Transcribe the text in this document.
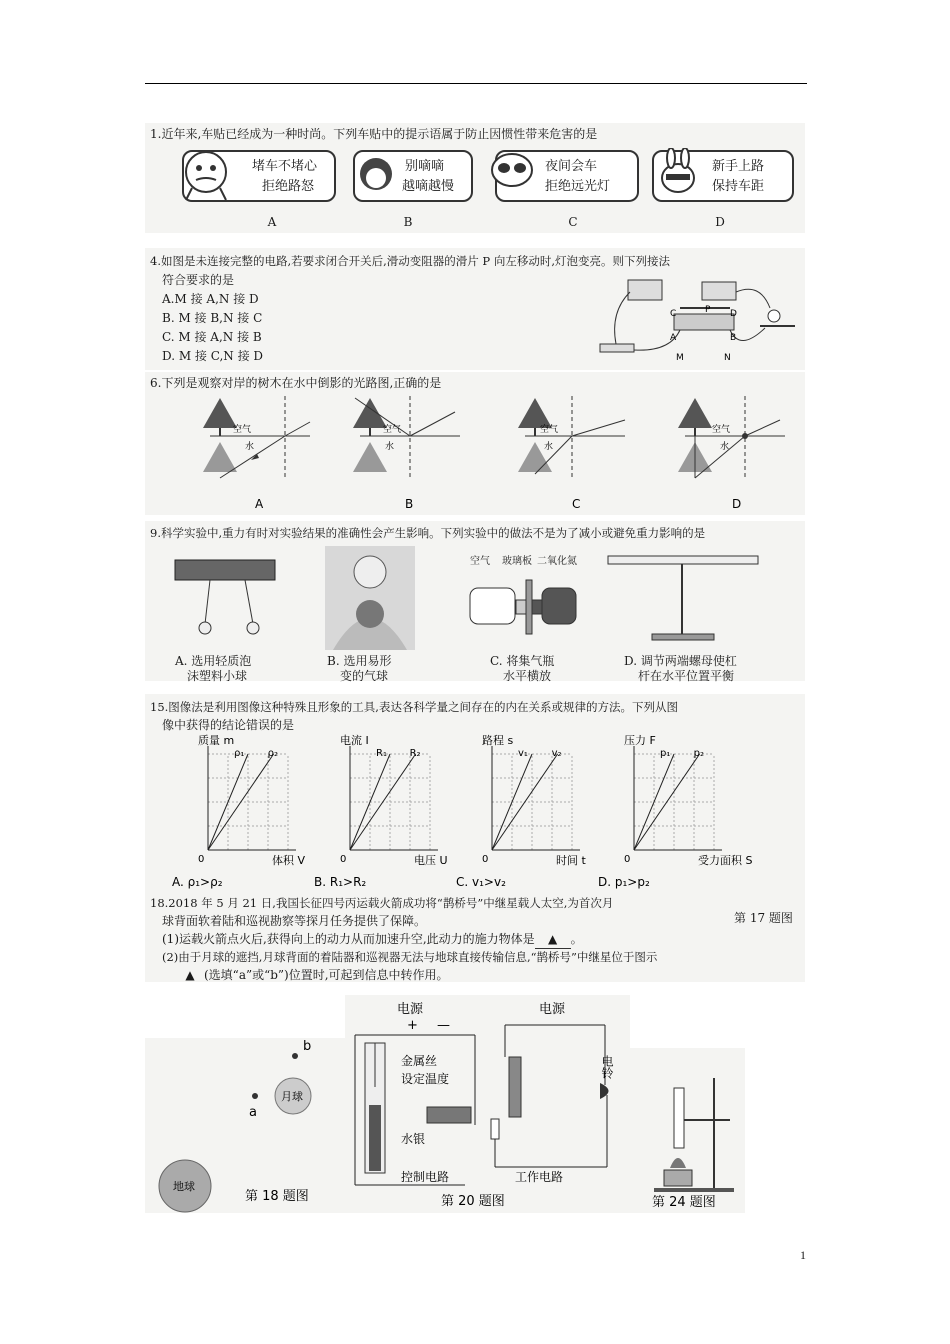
1.近年来,车贴已经成为一种时尚。下列车贴中的提示语属于防止因惯性带来危害的是
堵车不堵心
拒绝路怒
A
别嘀嘀
越嘀越慢
B
夜间会车
拒绝远光灯
C
新手上路
保持车距
D
4.如图是未连接完整的电路,若要求闭合开关后,滑动变阻器的滑片 P 向左移动时,灯泡变亮。则下列接法
符合要求的是
A.M 接 A,N 接 D
B. M 接 B,N 接 C
C. M 接 A,N 接 B
D. M 接 C,N 接 D
C	P D
A	B
M	N
6.下列是观察对岸的树木在水中倒影的光路图,正确的是
空气
水
A
空气
水
B
空气
水
C
空气
水
D
9.科学实验中,重力有时对实验结果的准确性会产生影响。下列实验中的做法不是为了减小或避免重力影响的是
空气 玻璃板 二氧化氮
A. 选用轻质泡
沫塑料小球
B. 选用易形
变的气球
C. 将集气瓶
水平横放
D. 调节两端螺母使杠
杆在水平位置平衡
15.图像法是利用图像这种特殊且形象的工具,表达各科学量之间存在的内在关系或规律的方法。下列从图
像中获得的结论错误的是
质量 m
体积 V
0
ρ₁ ρ₂
A. ρ₁>ρ₂
电流 I
电压 U
0
R₁ R₂
B. R₁>R₂
路程 s
时间 t
0
v₁ v₂
C. v₁>v₂
压力 F
受力面积 S
0
p₁ p₂
D. p₁>p₂
18.2018 年 5 月 21 日,我国长征四号丙运载火箭成功将“鹊桥号”中继星载人太空,为首次月
球背面软着陆和巡视勘察等探月任务提供了保障。
(1)运载火箭点火后,获得向上的动力从而加速升空,此动力的施力物体是 ▲ 。
(2)由于月球的遮挡,月球背面的着陆器和巡视器无法与地球直接传输信息,“鹊桥号”中继星位于图示
▲ (选填“a”或“b”)位置时,可起到信息中转作用。
第 17 题图
月球
地球
a
b
第 18 题图
电源
+ —
电源
金属丝
设定温度
水银
电铃
控制电路	工作电路
第 20 题图	第 24 题图
1
